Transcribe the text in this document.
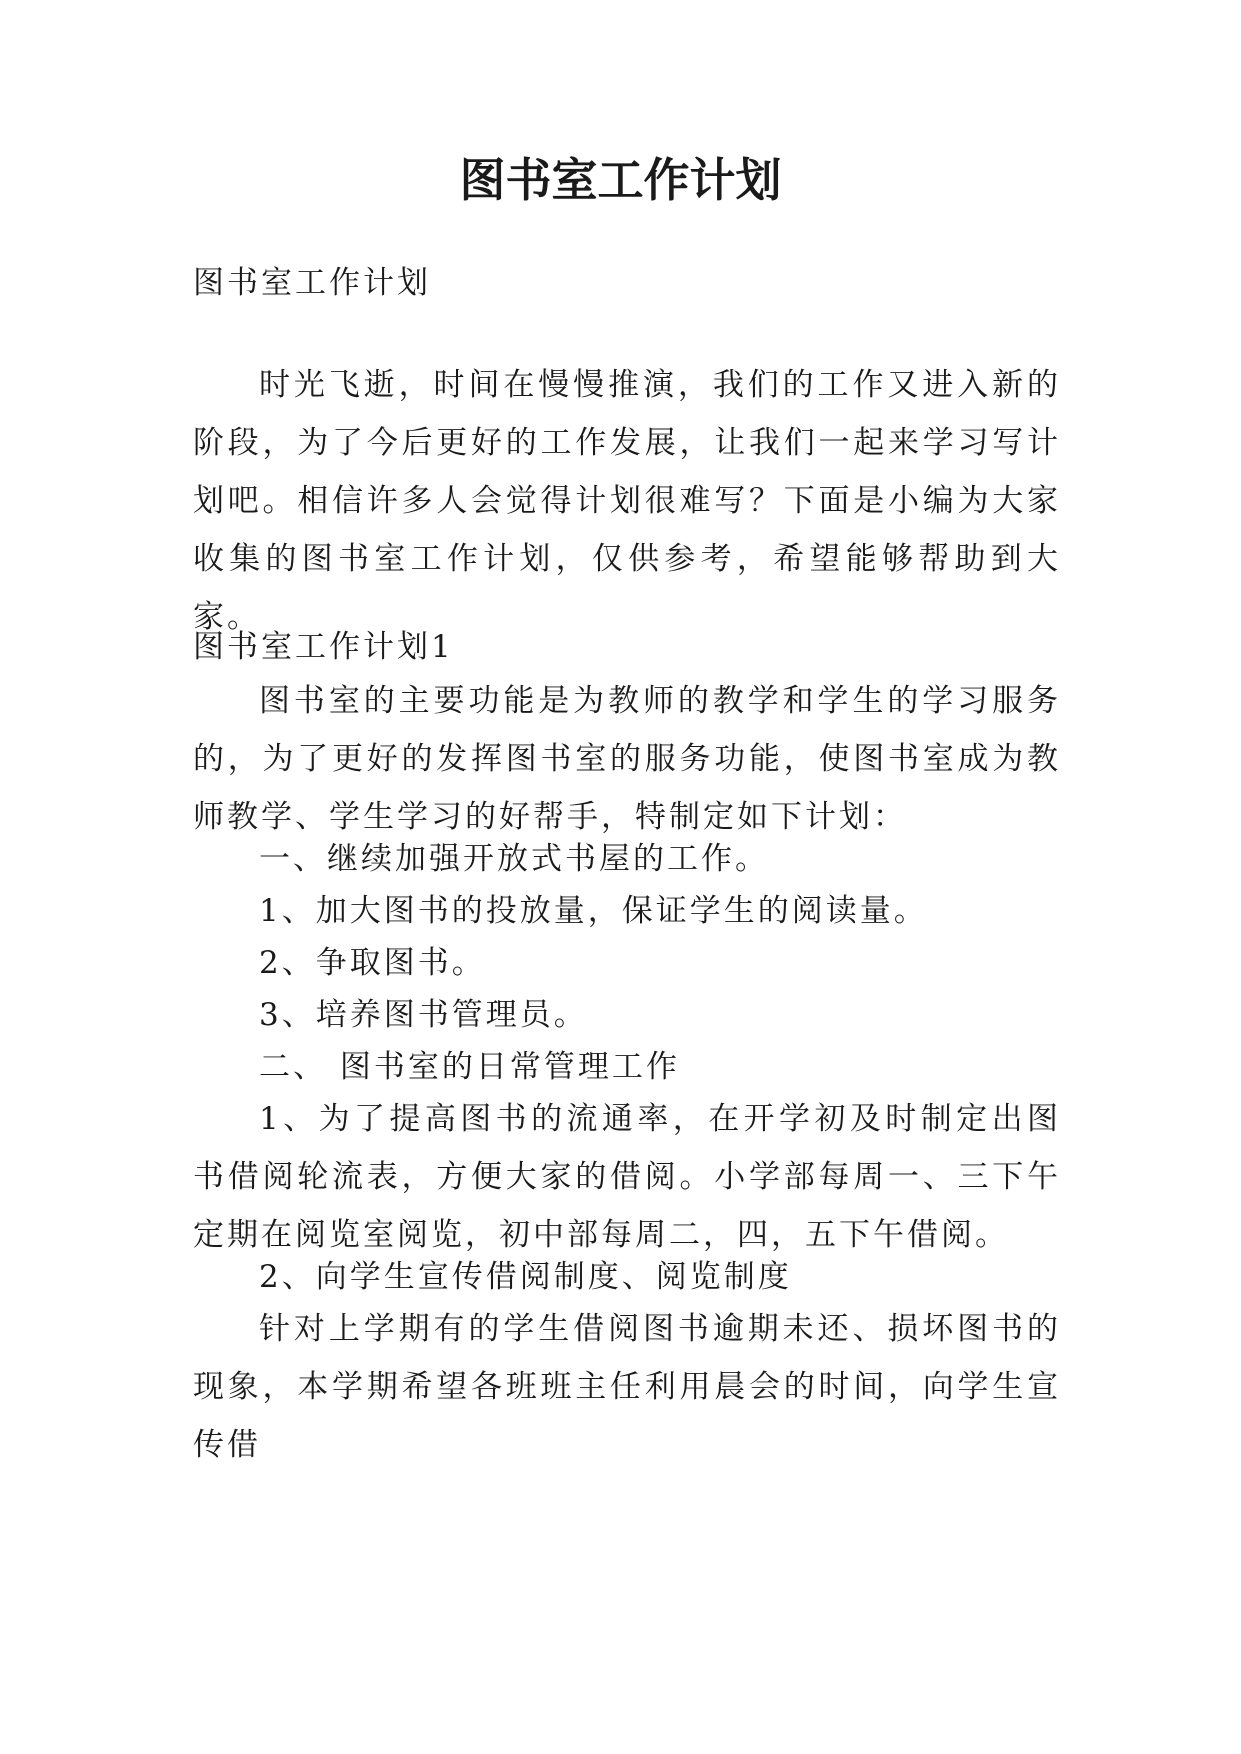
图书室工作计划

图书室工作计划

时光飞逝，时间在慢慢推演，我们的工作又进入新的阶段，为了今后更好的工作发展，让我们一起来学习写计划吧。相信许多人会觉得计划很难写？下面是小编为大家收集的图书室工作计划，仅供参考，希望能够帮助到大家。

图书室工作计划1

图书室的主要功能是为教师的教学和学生的学习服务的，为了更好的发挥图书室的服务功能，使图书室成为教师教学、学生学习的好帮手，特制定如下计划：

一、继续加强开放式书屋的工作。

1、加大图书的投放量，保证学生的阅读量。

2、争取图书。

3、培养图书管理员。

二、 图书室的日常管理工作

1、为了提高图书的流通率，在开学初及时制定出图书借阅轮流表，方便大家的借阅。小学部每周一、三下午定期在阅览室阅览，初中部每周二，四，五下午借阅。

2、向学生宣传借阅制度、阅览制度

针对上学期有的学生借阅图书逾期未还、损坏图书的现象，本学期希望各班班主任利用晨会的时间，向学生宣传借
